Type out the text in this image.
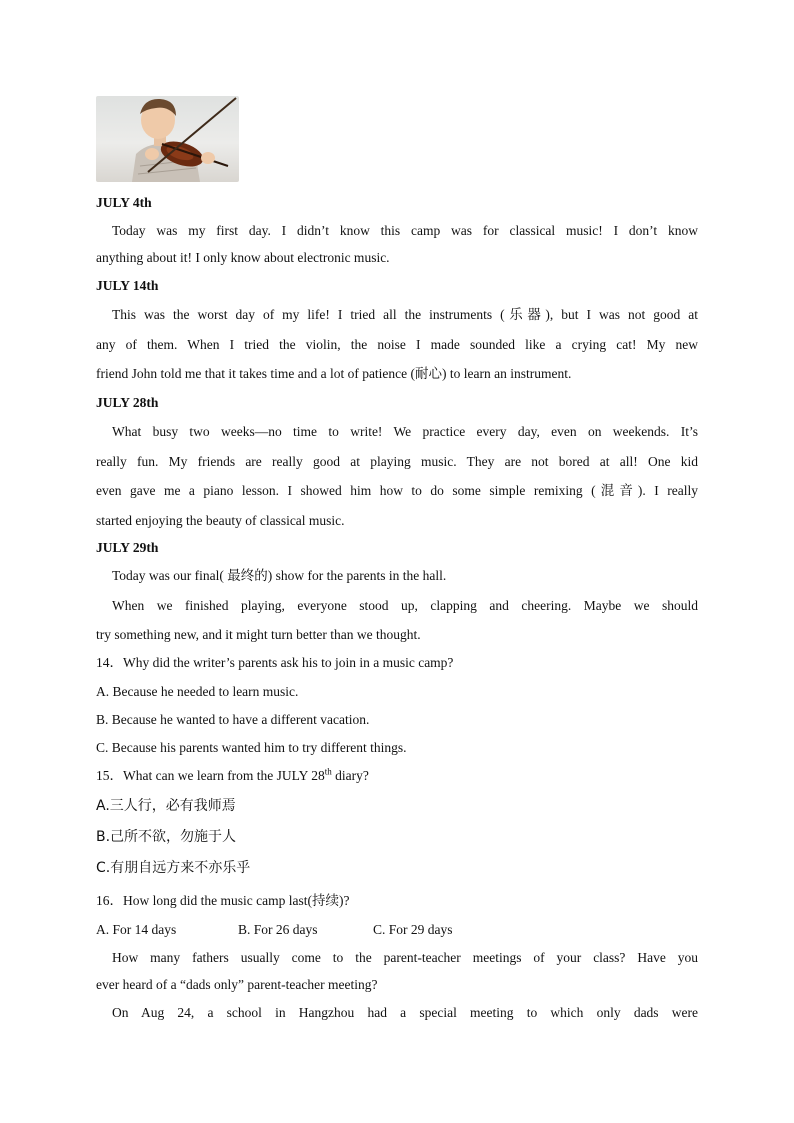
JULY 4th
Today was my first day. I didn’t know this camp was for classical music! I don’t know
anything about it! I only know about electronic music.
JULY 14th
This was the worst day of my life! I tried all the instruments (乐器), but I was not good at
any of them. When I tried the violin, the noise I made sounded like a crying cat! My new
friend John told me that it takes time and a lot of patience (耐心) to learn an instrument.
JULY 28th
What busy two weeks—no time to write! We practice every day, even on weekends. It’s
really fun. My friends are really good at playing music. They are not bored at all! One kid
even gave me a piano lesson. I showed him how to do some simple remixing (混音). I really
started enjoying the beauty of classical music.
JULY 29th
Today was our final( 最终的) show for the parents in the hall.
When we finished playing, everyone stood up, clapping and cheering. Maybe we should
try something new, and it might turn better than we thought.
14．Why did the writer’s parents ask his to join in a music camp?
A. Because he needed to learn music.
B. Because he wanted to have a different vacation.
C. Because his parents wanted him to try different things.
15．What can we learn from the JULY 28th diary?
A.三人行，必有我师焉
B.己所不欲，勿施于人
C.有朋自远方来不亦乐乎
16．How long did the music camp last(持续)?
A. For 14 days	B. For 26 days	C. For 29 days
How many fathers usually come to the parent-teacher meetings of your class? Have you
ever heard of a “dads only” parent-teacher meeting?
On Aug 24, a school in Hangzhou had a special meeting to which only dads were
